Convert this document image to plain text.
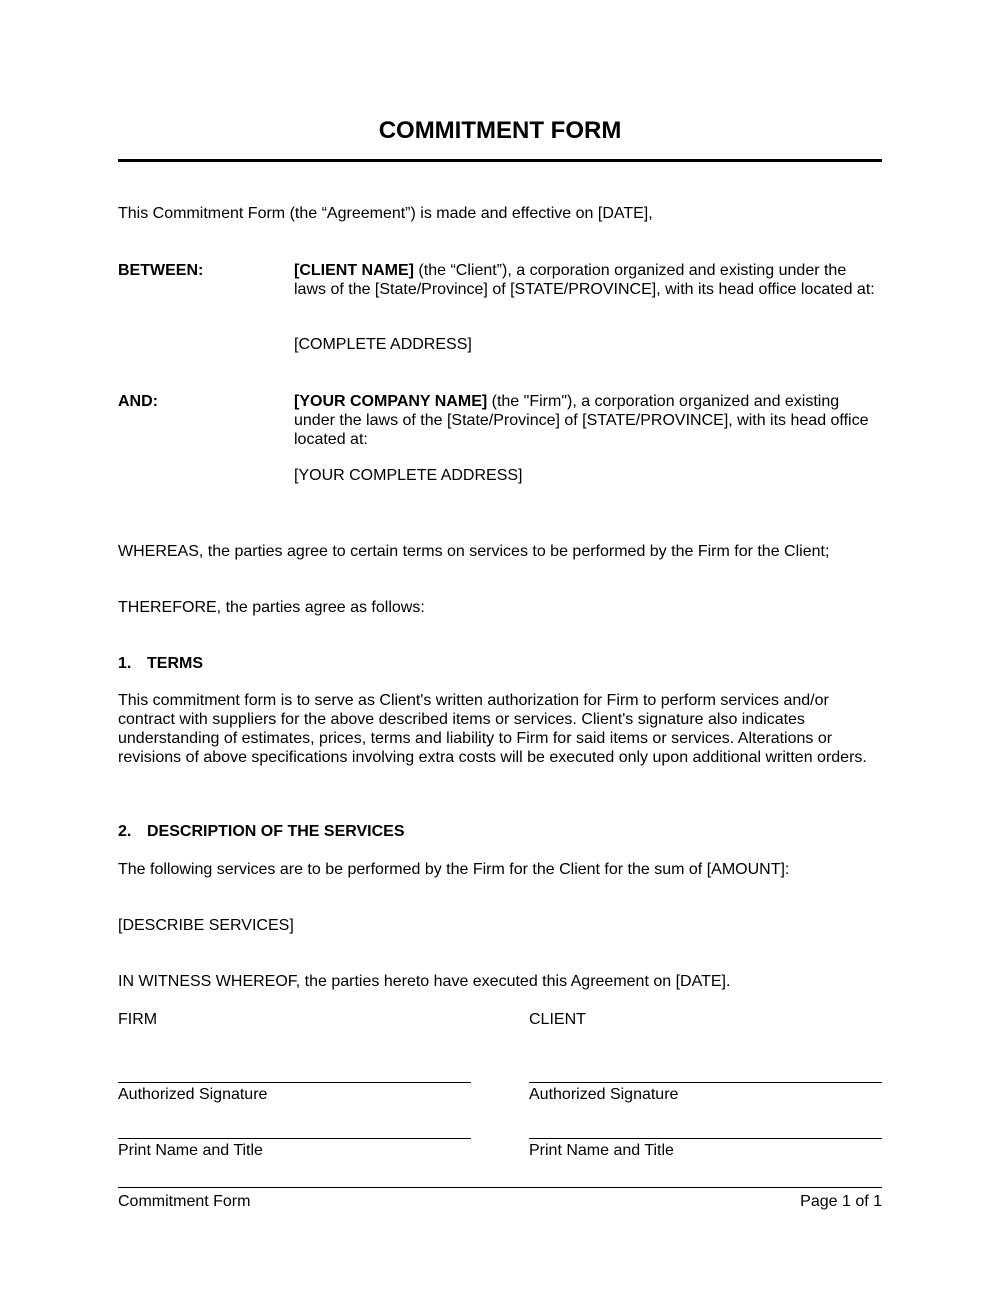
COMMITMENT FORM
This Commitment Form (the “Agreement”) is made and effective on [DATE],
BETWEEN:	[CLIENT NAME] (the “Client”), a corporation organized and existing under the laws of the [State/Province] of [STATE/PROVINCE], with its head office located at:
[COMPLETE ADDRESS]
AND:	[YOUR COMPANY NAME] (the "Firm"), a corporation organized and existing under the laws of the [State/Province] of [STATE/PROVINCE], with its head office located at:
[YOUR COMPLETE ADDRESS]
WHEREAS, the parties agree to certain terms on services to be performed by the Firm for the Client;
THEREFORE, the parties agree as follows:
1. TERMS
This commitment form is to serve as Client's written authorization for Firm to perform services and/or contract with suppliers for the above described items or services. Client's signature also indicates understanding of estimates, prices, terms and liability to Firm for said items or services. Alterations or revisions of above specifications involving extra costs will be executed only upon additional written orders.
2. DESCRIPTION OF THE SERVICES
The following services are to be performed by the Firm for the Client for the sum of [AMOUNT]:
[DESCRIBE SERVICES]
IN WITNESS WHEREOF, the parties hereto have executed this Agreement on [DATE].
FIRM	CLIENT
Authorized Signature	Authorized Signature
Print Name and Title	Print Name and Title
Commitment Form	Page 1 of 1
